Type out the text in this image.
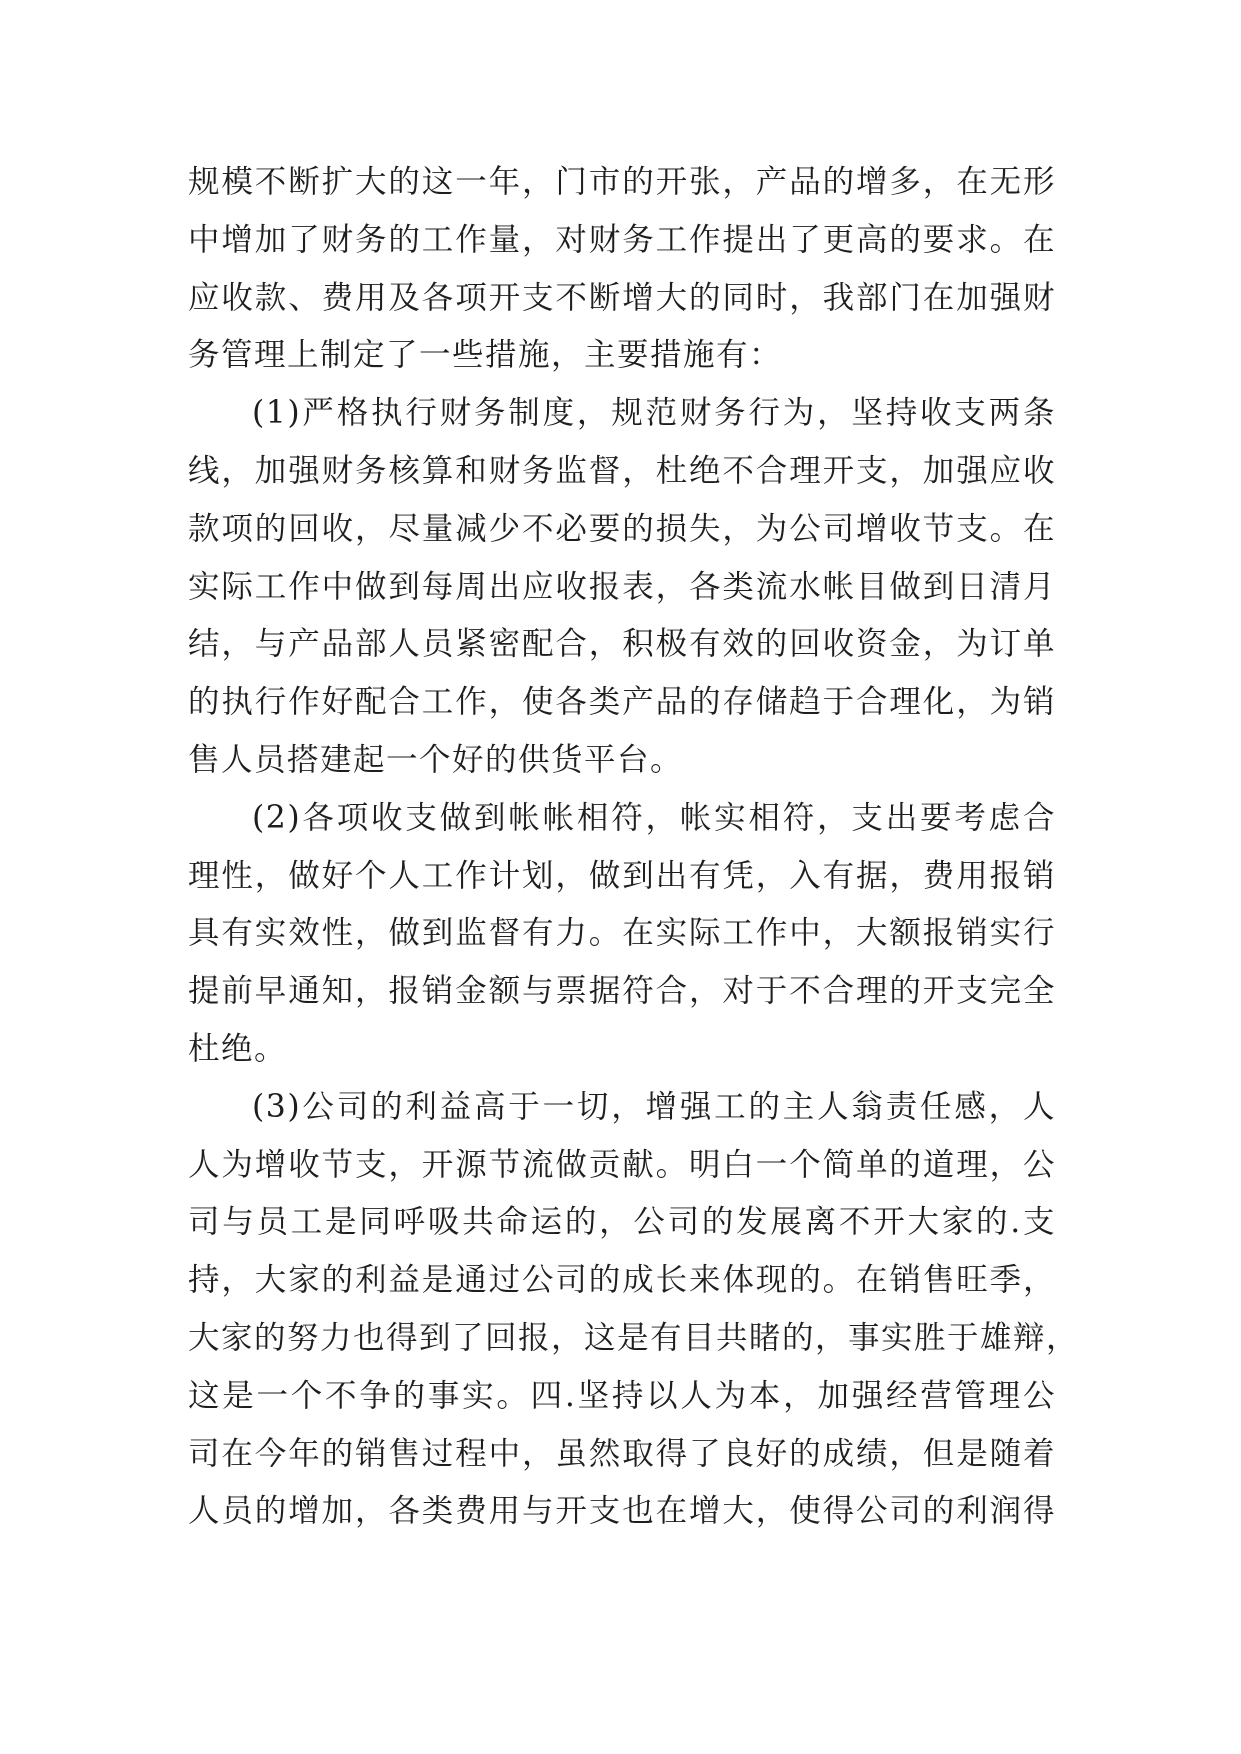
规模不断扩大的这一年，门市的开张，产品的增多，在无形
中增加了财务的工作量，对财务工作提出了更高的要求。在
应收款、费用及各项开支不断增大的同时，我部门在加强财
务管理上制定了一些措施，主要措施有：
(1)严格执行财务制度，规范财务行为，坚持收支两条
线，加强财务核算和财务监督，杜绝不合理开支，加强应收
款项的回收，尽量减少不必要的损失，为公司增收节支。在
实际工作中做到每周出应收报表，各类流水帐目做到日清月
结，与产品部人员紧密配合，积极有效的回收资金，为订单
的执行作好配合工作，使各类产品的存储趋于合理化，为销
售人员搭建起一个好的供货平台。
(2)各项收支做到帐帐相符，帐实相符，支出要考虑合
理性，做好个人工作计划，做到出有凭，入有据，费用报销
具有实效性，做到监督有力。在实际工作中，大额报销实行
提前早通知，报销金额与票据符合，对于不合理的开支完全
杜绝。
(3)公司的利益高于一切，增强工的主人翁责任感，人
人为增收节支，开源节流做贡献。明白一个简单的道理，公
司与员工是同呼吸共命运的，公司的发展离不开大家的.支
持，大家的利益是通过公司的成长来体现的。在销售旺季，
大家的努力也得到了回报，这是有目共睹的，事实胜于雄辩，
这是一个不争的事实。四.坚持以人为本，加强经营管理公
司在今年的销售过程中，虽然取得了良好的成绩，但是随着
人员的增加，各类费用与开支也在增大，使得公司的利润得
